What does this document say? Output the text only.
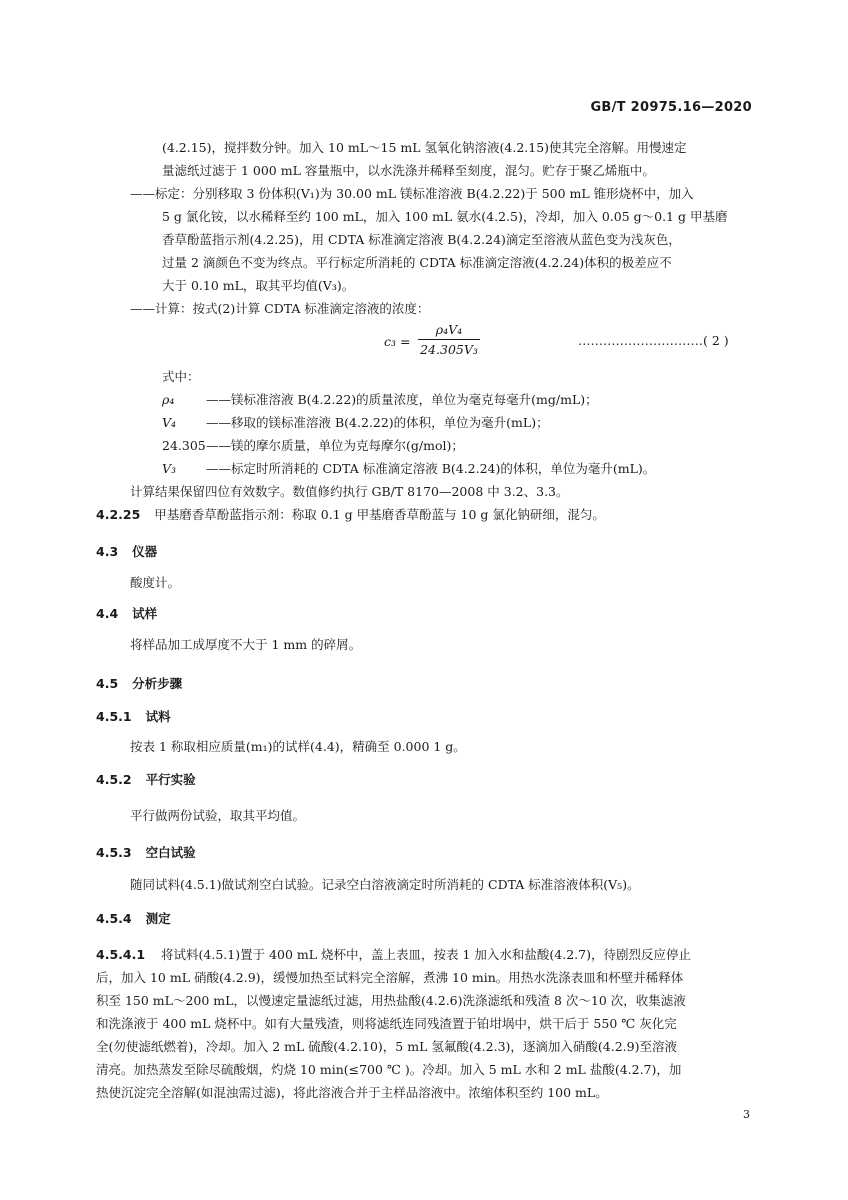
GB/T 20975.16—2020
(4.2.15)，搅拌数分钟。加入 10 mL～15 mL 氢氧化钠溶液(4.2.15)使其完全溶解。用慢速定
量滤纸过滤于 1 000 mL 容量瓶中，以水洗涤并稀释至刻度，混匀。贮存于聚乙烯瓶中。
——标定：分别移取 3 份体积(V₁)为 30.00 mL 镁标准溶液 B(4.2.22)于 500 mL 锥形烧杯中，加入
5 g 氯化铵，以水稀释至约 100 mL，加入 100 mL 氨水(4.2.5)，冷却，加入 0.05 g～0.1 g 甲基磨
香草酚蓝指示剂(4.2.25)，用 CDTA 标准滴定溶液 B(4.2.24)滴定至溶液从蓝色变为浅灰色，
过量 2 滴颜色不变为终点。平行标定所消耗的 CDTA 标准滴定溶液(4.2.24)体积的极差应不
大于 0.10 mL，取其平均值(V₃)。
——计算：按式(2)计算 CDTA 标准滴定溶液的浓度：
$c_3 = \frac{\text{ρ₄V₄}}{\text{24.305V₃}}$	…………………………( 2 )
式中：
ρ₄	——镁标准溶液 B(4.2.22)的质量浓度，单位为毫克每毫升(mg/mL)；
V₄ ——移取的镁标准溶液 B(4.2.22)的体积，单位为毫升(mL)；
24.305——镁的摩尔质量，单位为克每摩尔(g/mol)；
V₃ ——标定时所消耗的 CDTA 标准滴定溶液 B(4.2.24)的体积，单位为毫升(mL)。
计算结果保留四位有效数字。数值修约执行 GB/T 8170—2008 中 3.2、3.3。
4.2.25 甲基磨香草酚蓝指示剂：称取 0.1 g 甲基磨香草酚蓝与 10 g 氯化钠研细，混匀。
4.3 仪器
酸度计。
4.4 试样
将样品加工成厚度不大于 1 mm 的碎屑。
4.5 分析步骤
4.5.1 试料
按表 1 称取相应质量(m₁)的试样(4.4)，精确至 0.000 1 g。
4.5.2 平行实验
平行做两份试验，取其平均值。
4.5.3 空白试验
随同试料(4.5.1)做试剂空白试验。记录空白溶液滴定时所消耗的 CDTA 标准溶液体积(V₅)。
4.5.4 测定
4.5.4.1 将试料(4.5.1)置于 400 mL 烧杯中，盖上表皿，按表 1 加入水和盐酸(4.2.7)，待剧烈反应停止
后，加入 10 mL 硝酸(4.2.9)，缓慢加热至试料完全溶解，煮沸 10 min。用热水洗涤表皿和杯壁并稀释体
积至 150 mL～200 mL，以慢速定量滤纸过滤，用热盐酸(4.2.6)洗涤滤纸和残渣 8 次～10 次，收集滤液
和洗涤液于 400 mL 烧杯中。如有大量残渣，则将滤纸连同残渣置于铂坩埚中，烘干后于 550 ℃ 灰化完
全(勿使滤纸燃着)，冷却。加入 2 mL 硫酸(4.2.10)，5 mL 氢氟酸(4.2.3)，逐滴加入硝酸(4.2.9)至溶液
清亮。加热蒸发至除尽硫酸烟，灼烧 10 min(≤700 ℃ )。冷却。加入 5 mL 水和 2 mL 盐酸(4.2.7)，加
热使沉淀完全溶解(如混浊需过滤)，将此溶液合并于主样品溶液中。浓缩体积至约 100 mL。
3
